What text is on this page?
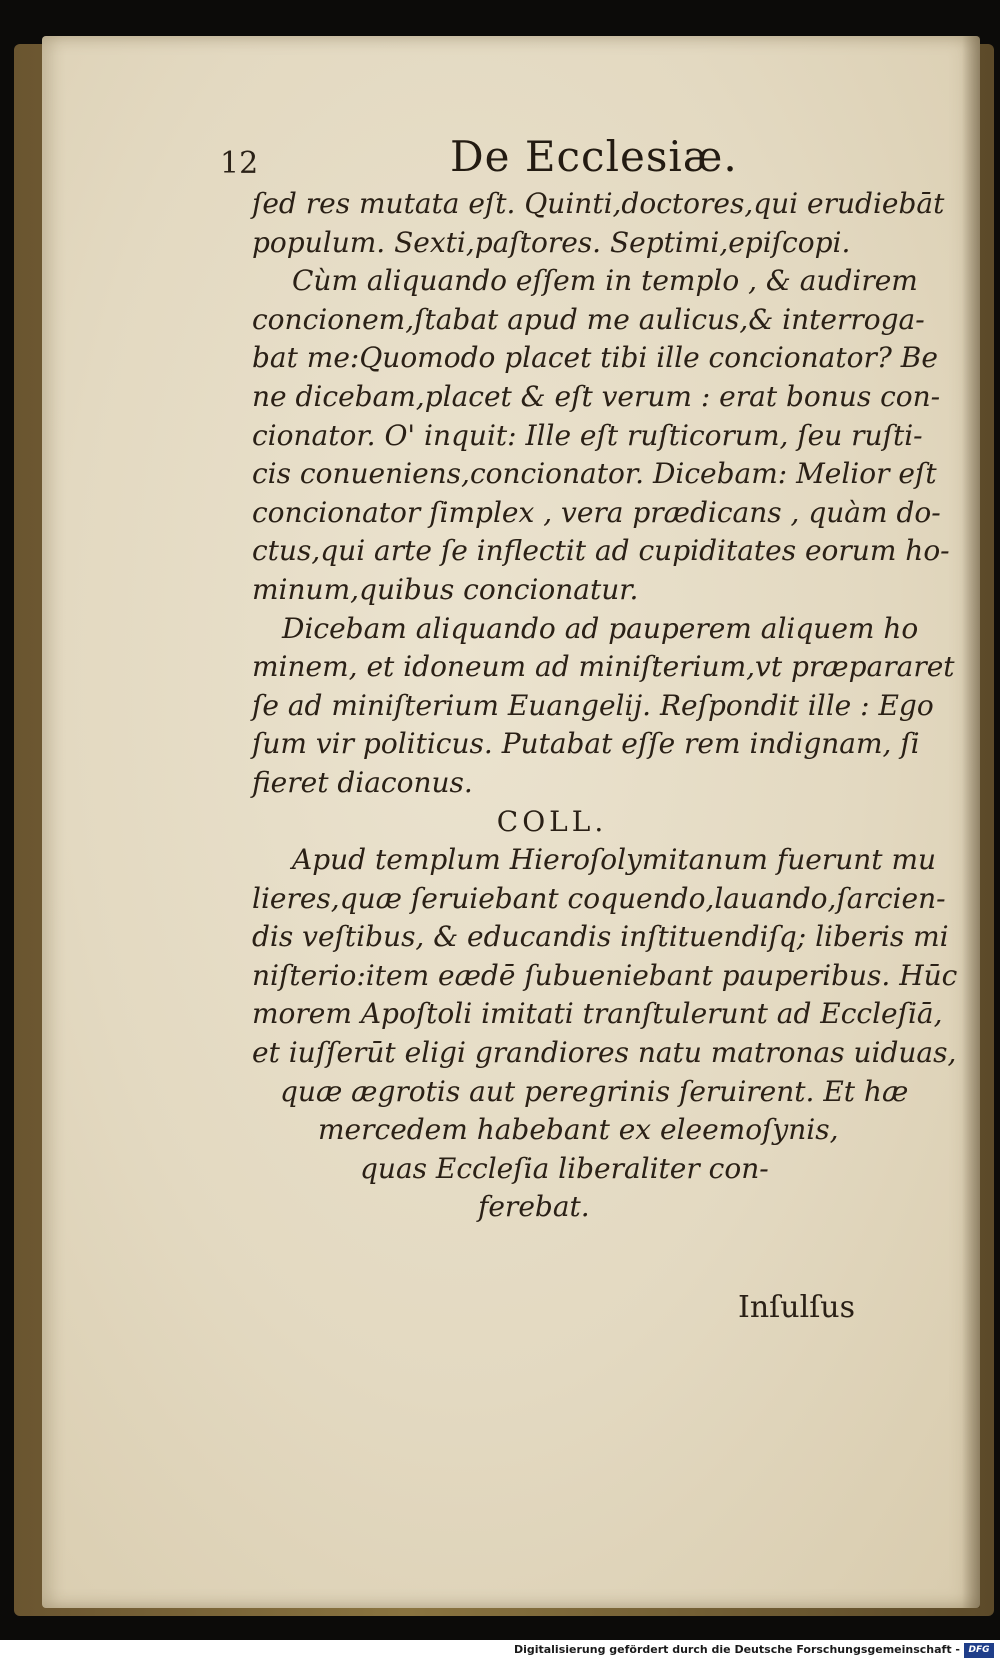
12	De Ecclesiæ.
ſed res mutata eſt. Quinti,doctores,qui erudiebāt
populum. Sexti,paſtores. Septimi,epiſcopi.
Cùm aliquando eſſem in templo , & audirem
concionem,ſtabat apud me aulicus,& interroga-
bat me:Quomodo placet tibi ille concionator? Be
ne dicebam,placet & eſt verum : erat bonus con-
cionator. O' inquit: Ille eſt ruſticorum, ſeu ruſti-
cis conueniens,concionator. Dicebam: Melior eſt
concionator ſimplex , vera prædicans , quàm do-
ctus,qui arte ſe inflectit ad cupiditates eorum ho-
minum,quibus concionatur.
Dicebam aliquando ad pauperem aliquem ho
minem, et idoneum ad miniſterium,vt præpararet
ſe ad miniſterium Euangelij. Reſpondit ille : Ego
ſum vir politicus. Putabat eſſe rem indignam, ſi
fieret diaconus.
COLL.
Apud templum Hieroſolymitanum fuerunt mu
lieres,quæ ſeruiebant coquendo,lauando,ſarcien-
dis veſtibus, & educandis inſtituendiſq; liberis mi
niſterio:item eædē ſubueniebant pauperibus. Hūc
morem Apoſtoli imitati tranſtulerunt ad Eccleſiā,
et iuſſerūt eligi grandiores natu matronas uiduas,
quæ ægrotis aut peregrinis ſeruirent. Et hæ
mercedem habebant ex eleemoſynis,
quas Eccleſia liberaliter con-
ferebat.
Inſulſus
Digitalisierung gefördert durch die Deutsche Forschungsgemeinschaft - DFG
